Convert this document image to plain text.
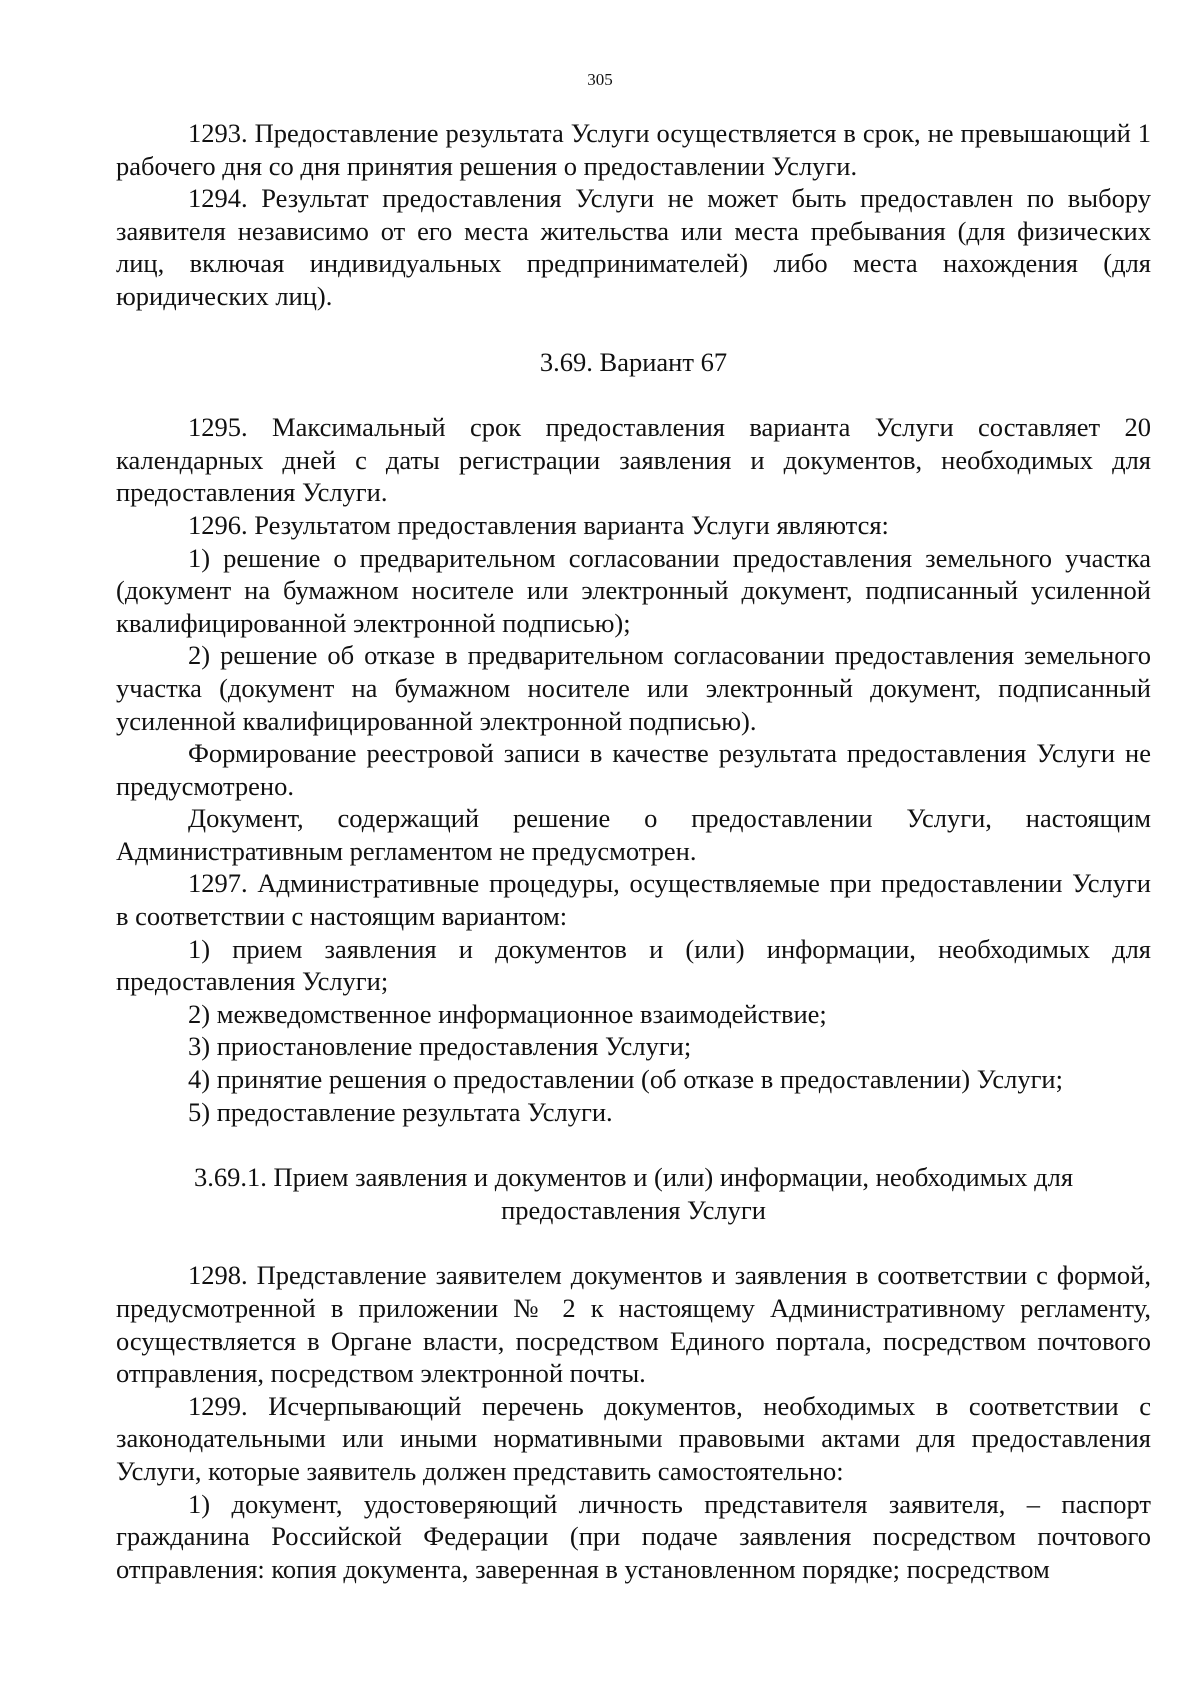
305

1293. Предоставление результата Услуги осуществляется в срок, не превышающий 1 рабочего дня со дня принятия решения о предоставлении Услуги.

1294. Результат предоставления Услуги не может быть предоставлен по выбору заявителя независимо от его места жительства или места пребывания (для физических лиц, включая индивидуальных предпринимателей) либо места нахождения (для юридических лиц).

3.69. Вариант 67

1295. Максимальный срок предоставления варианта Услуги составляет 20 календарных дней с даты регистрации заявления и документов, необходимых для предоставления Услуги.

1296. Результатом предоставления варианта Услуги являются:

1) решение о предварительном согласовании предоставления земельного участка (документ на бумажном носителе или электронный документ, подписанный усиленной квалифицированной электронной подписью);

2) решение об отказе в предварительном согласовании предоставления земельного участка (документ на бумажном носителе или электронный документ, подписанный усиленной квалифицированной электронной подписью).

Формирование реестровой записи в качестве результата предоставления Услуги не предусмотрено.

Документ, содержащий решение о предоставлении Услуги, настоящим Административным регламентом не предусмотрен.

1297. Административные процедуры, осуществляемые при предоставлении Услуги в соответствии с настоящим вариантом:

1) прием заявления и документов и (или) информации, необходимых для предоставления Услуги;

2) межведомственное информационное взаимодействие;

3) приостановление предоставления Услуги;

4) принятие решения о предоставлении (об отказе в предоставлении) Услуги;

5) предоставление результата Услуги.

3.69.1. Прием заявления и документов и (или) информации, необходимых для предоставления Услуги

1298. Представление заявителем документов и заявления в соответствии с формой, предусмотренной в приложении № 2 к настоящему Административному регламенту, осуществляется в Органе власти, посредством Единого портала, посредством почтового отправления, посредством электронной почты.

1299. Исчерпывающий перечень документов, необходимых в соответствии с законодательными или иными нормативными правовыми актами для предоставления Услуги, которые заявитель должен представить самостоятельно:

1) документ, удостоверяющий личность представителя заявителя, – паспорт гражданина Российской Федерации (при подаче заявления посредством почтового отправления: копия документа, заверенная в установленном порядке; посредством
